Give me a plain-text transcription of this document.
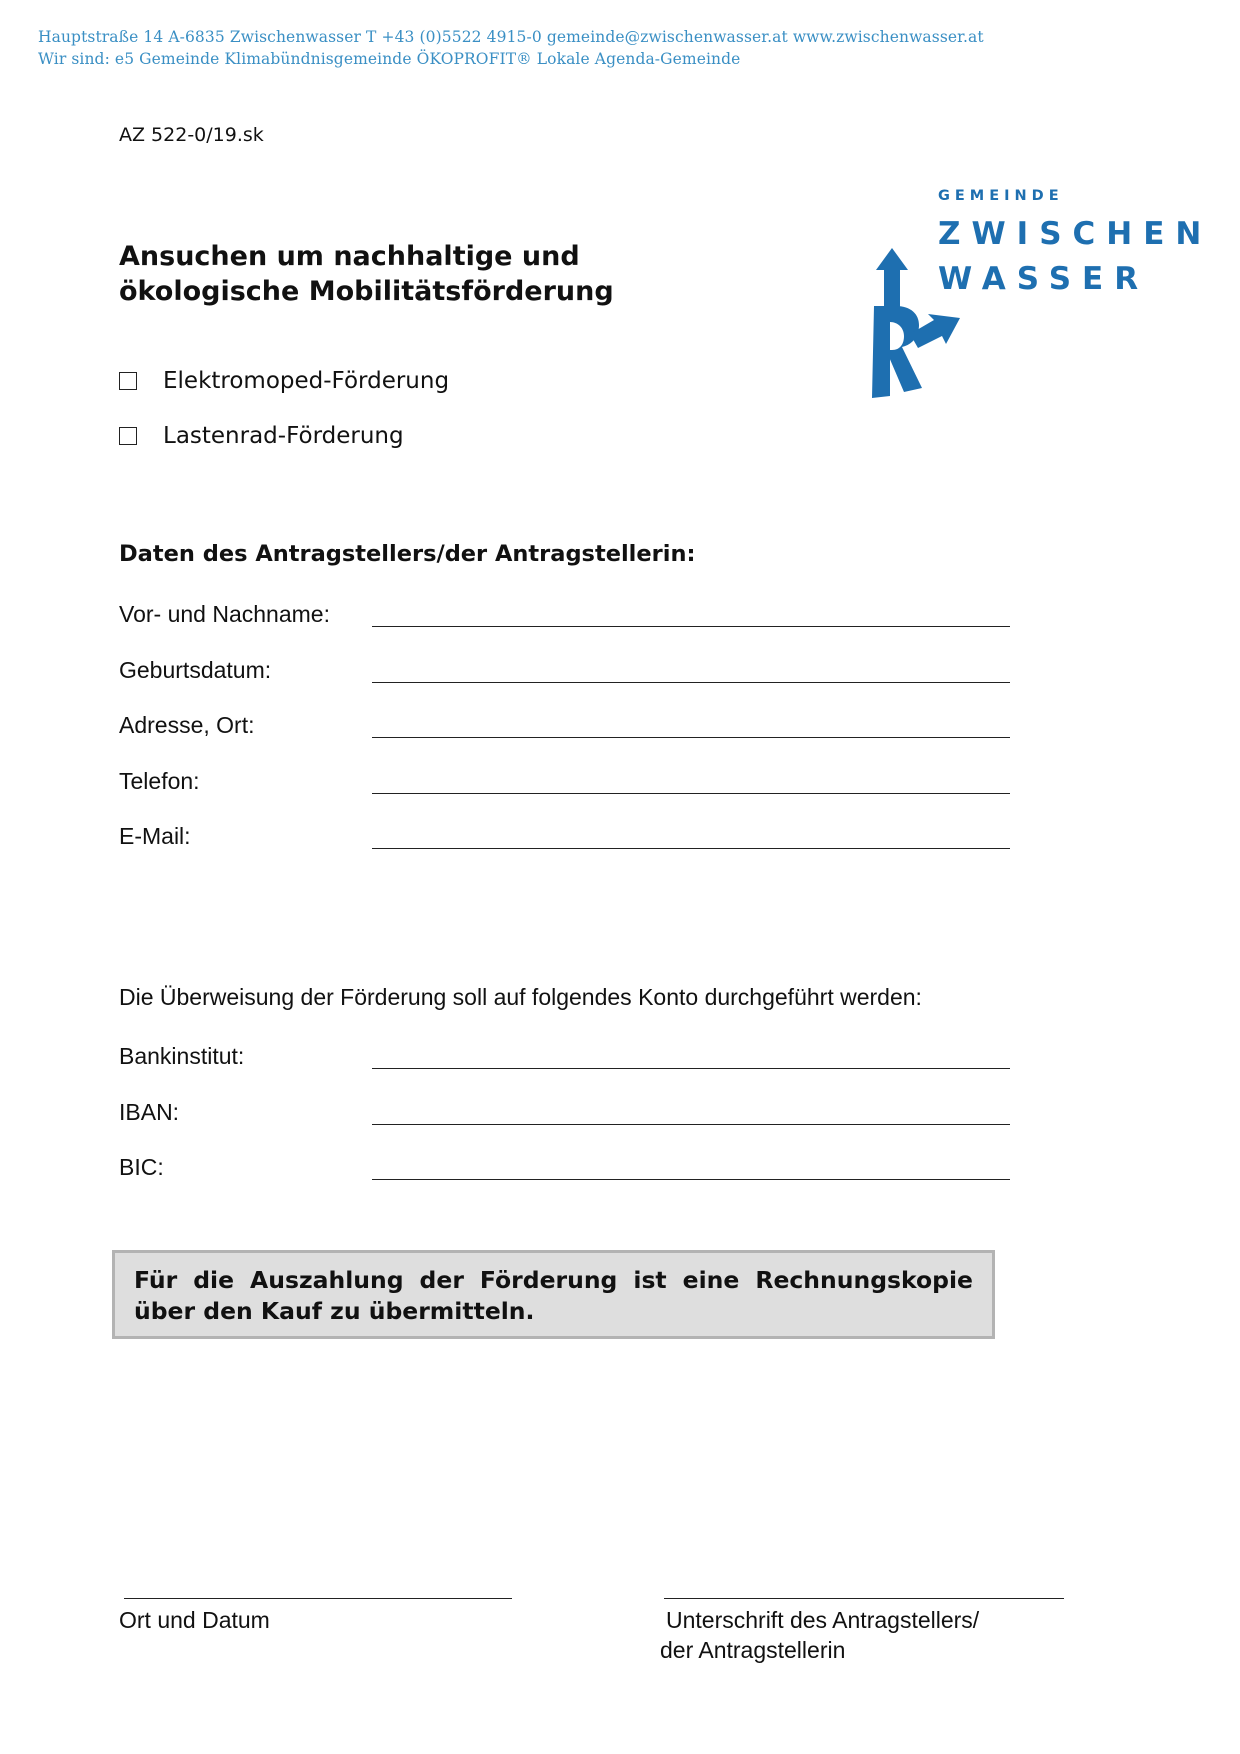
Hauptstraße 14 A-6835 Zwischenwasser T +43 (0)5522 4915-0 gemeinde@zwischenwasser.at www.zwischenwasser.at
Wir sind: e5 Gemeinde Klimabündnisgemeinde ÖKOPROFIT® Lokale Agenda-Gemeinde
AZ 522-0/19.sk
Ansuchen um nachhaltige und
ökologische Mobilitätsförderung
GEMEINDE
ZWISCHEN
WASSER
Elektromoped-Förderung
Lastenrad-Förderung
Daten des Antragstellers/der Antragstellerin:
Vor- und Nachname:
Geburtsdatum:
Adresse, Ort:
Telefon:
E-Mail:
Die Überweisung der Förderung soll auf folgendes Konto durchgeführt werden:
Bankinstitut:
IBAN:
BIC:
Für die Auszahlung der Förderung ist eine Rechnungskopie über den Kauf zu übermitteln.
Ort und Datum	Unterschrift des Antragstellers/
der Antragstellerin
